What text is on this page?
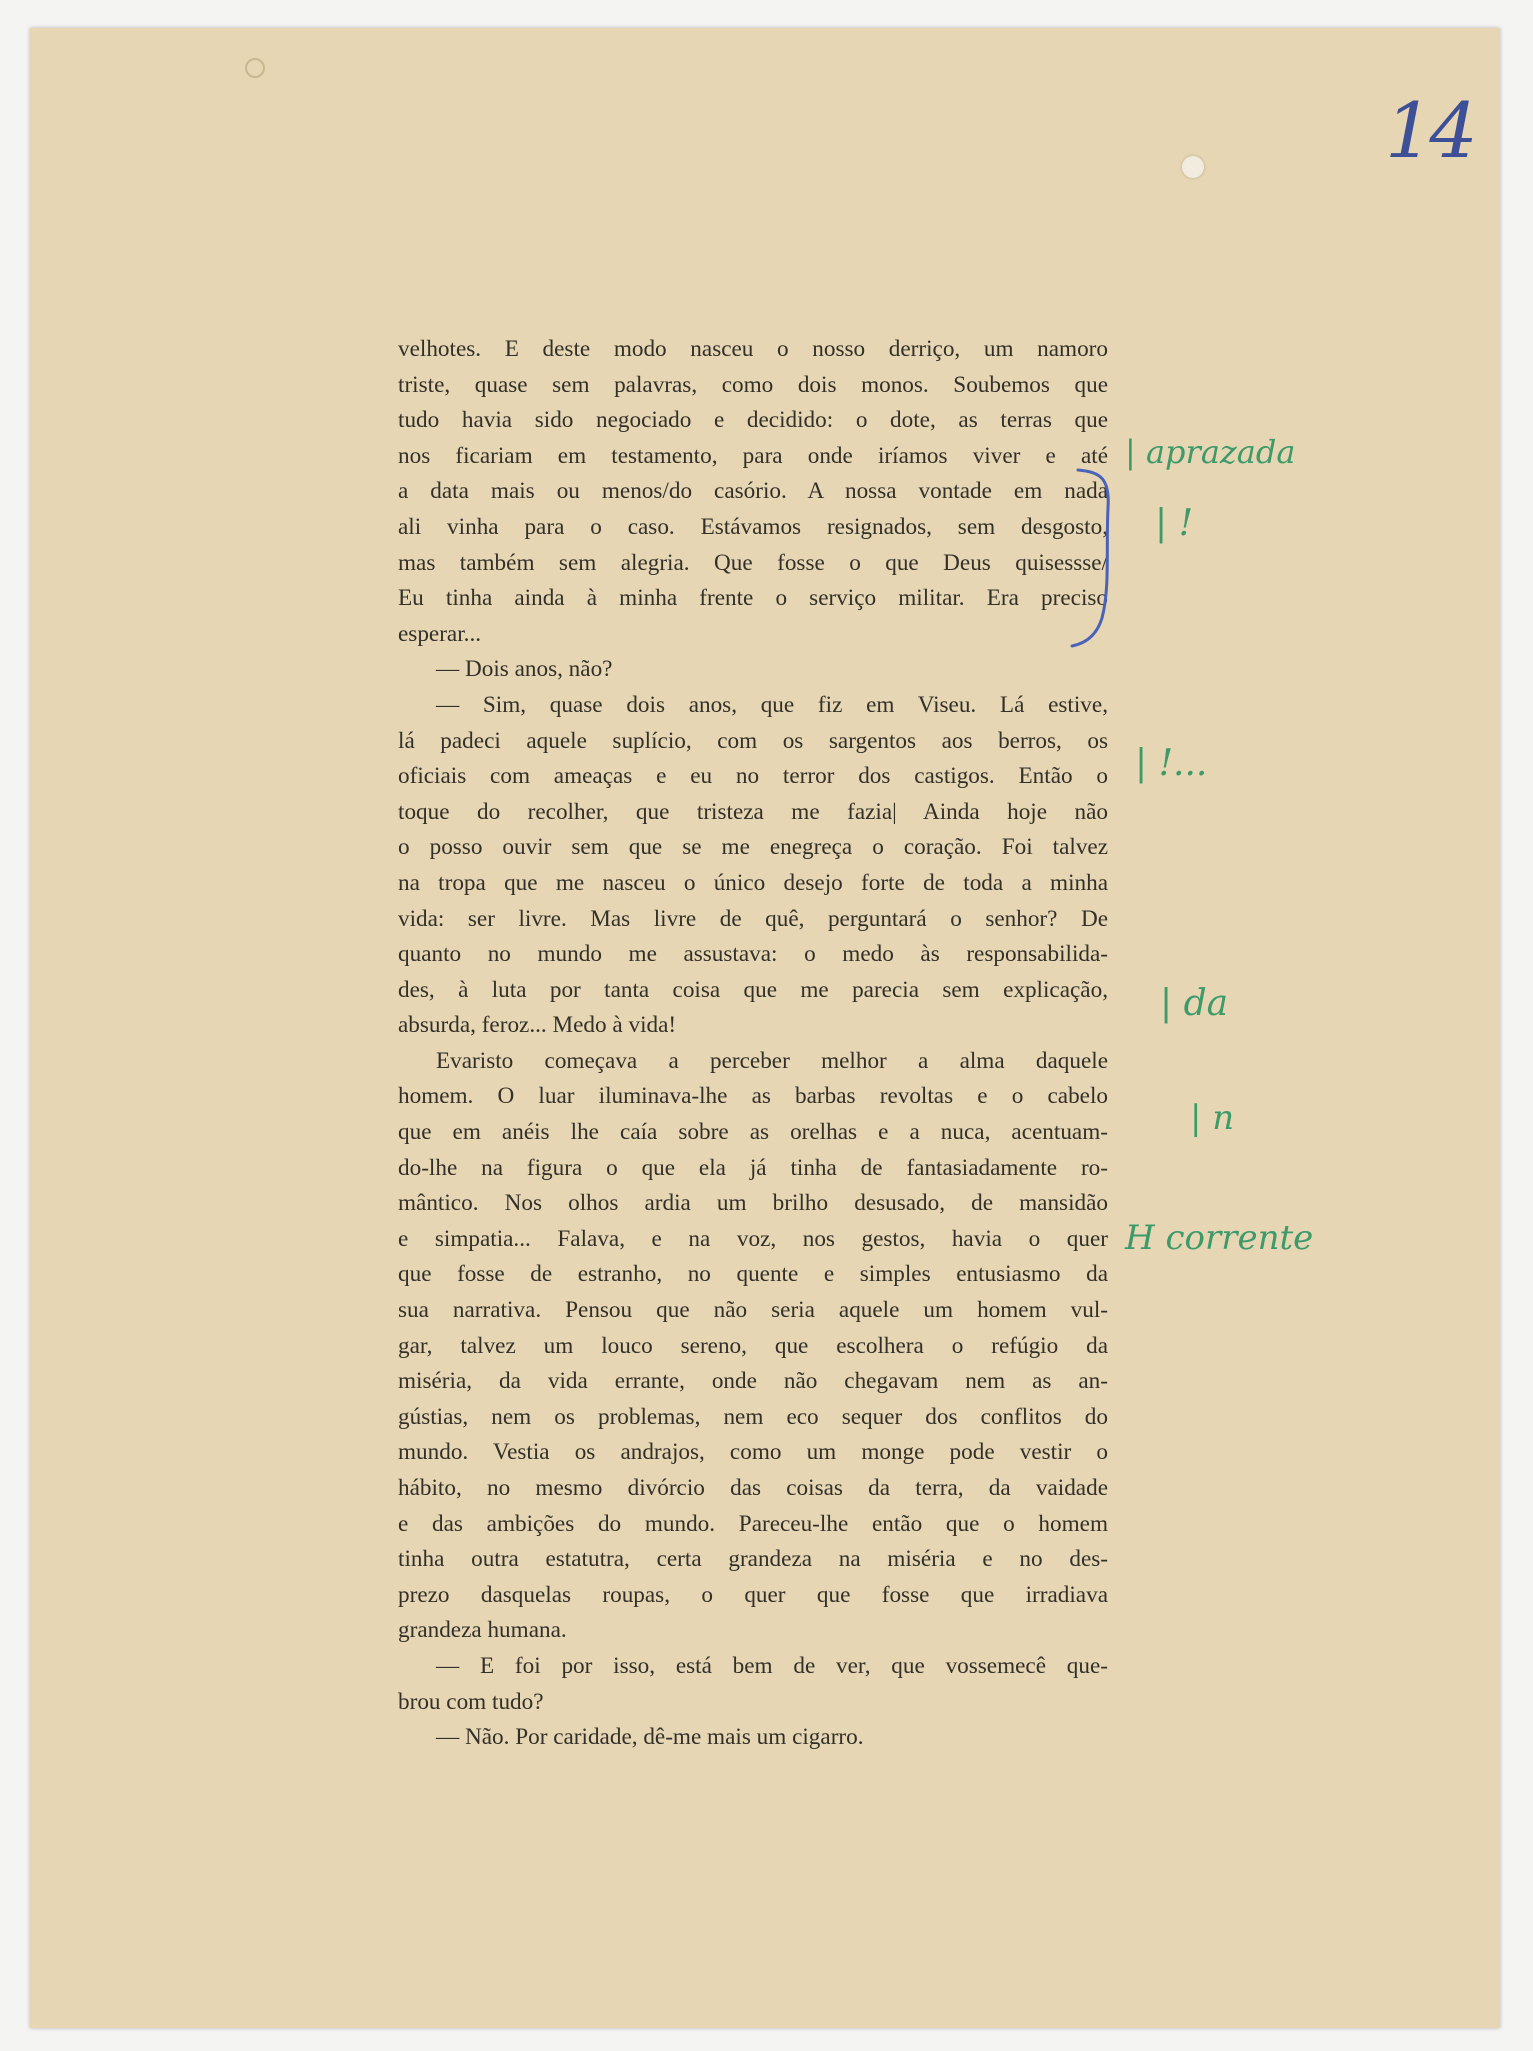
14
velhotes. E deste modo nasceu o nosso derriço, um namoro
triste, quase sem palavras, como dois monos. Soubemos que
tudo havia sido negociado e decidido: o dote, as terras que
nos ficariam em testamento, para onde iríamos viver e até
a data mais ou menos/do casório. A nossa vontade em nada
ali vinha para o caso. Estávamos resignados, sem desgosto,
mas também sem alegria. Que fosse o que Deus quisessse/
Eu tinha ainda à minha frente o serviço militar. Era preciso
esperar...
— Dois anos, não?
— Sim, quase dois anos, que fiz em Viseu. Lá estive,
lá padeci aquele suplício, com os sargentos aos berros, os
oficiais com ameaças e eu no terror dos castigos. Então o
toque do recolher, que tristeza me fazia| Ainda hoje não
o posso ouvir sem que se me enegreça o coração. Foi talvez
na tropa que me nasceu o único desejo forte de toda a minha
vida: ser livre. Mas livre de quê, perguntará o senhor? De
quanto no mundo me assustava: o medo às responsabilida-
des, à luta por tanta coisa que me parecia sem explicação,
absurda, feroz... Medo à vida!
Evaristo começava a perceber melhor a alma daquele
homem. O luar iluminava-lhe as barbas revoltas e o cabelo
que em anéis lhe caía sobre as orelhas e a nuca, acentuam-
do-lhe na figura o que ela já tinha de fantasiadamente ro-
mântico. Nos olhos ardia um brilho desusado, de mansidão
e simpatia... Falava, e na voz, nos gestos, havia o quer
que fosse de estranho, no quente e simples entusiasmo da
sua narrativa. Pensou que não seria aquele um homem vul-
gar, talvez um louco sereno, que escolhera o refúgio da
miséria, da vida errante, onde não chegavam nem as an-
gústias, nem os problemas, nem eco sequer dos conflitos do
mundo. Vestia os andrajos, como um monge pode vestir o
hábito, no mesmo divórcio das coisas da terra, da vaidade
e das ambições do mundo. Pareceu-lhe então que o homem
tinha outra estatutra, certa grandeza na miséria e no des-
prezo dasquelas roupas, o quer que fosse que irradiava
grandeza humana.
— E foi por isso, está bem de ver, que vossemecê que-
brou com tudo?
— Não. Por caridade, dê-me mais um cigarro.
| aprazada
| !
| !...
| da
| n
H corrente
